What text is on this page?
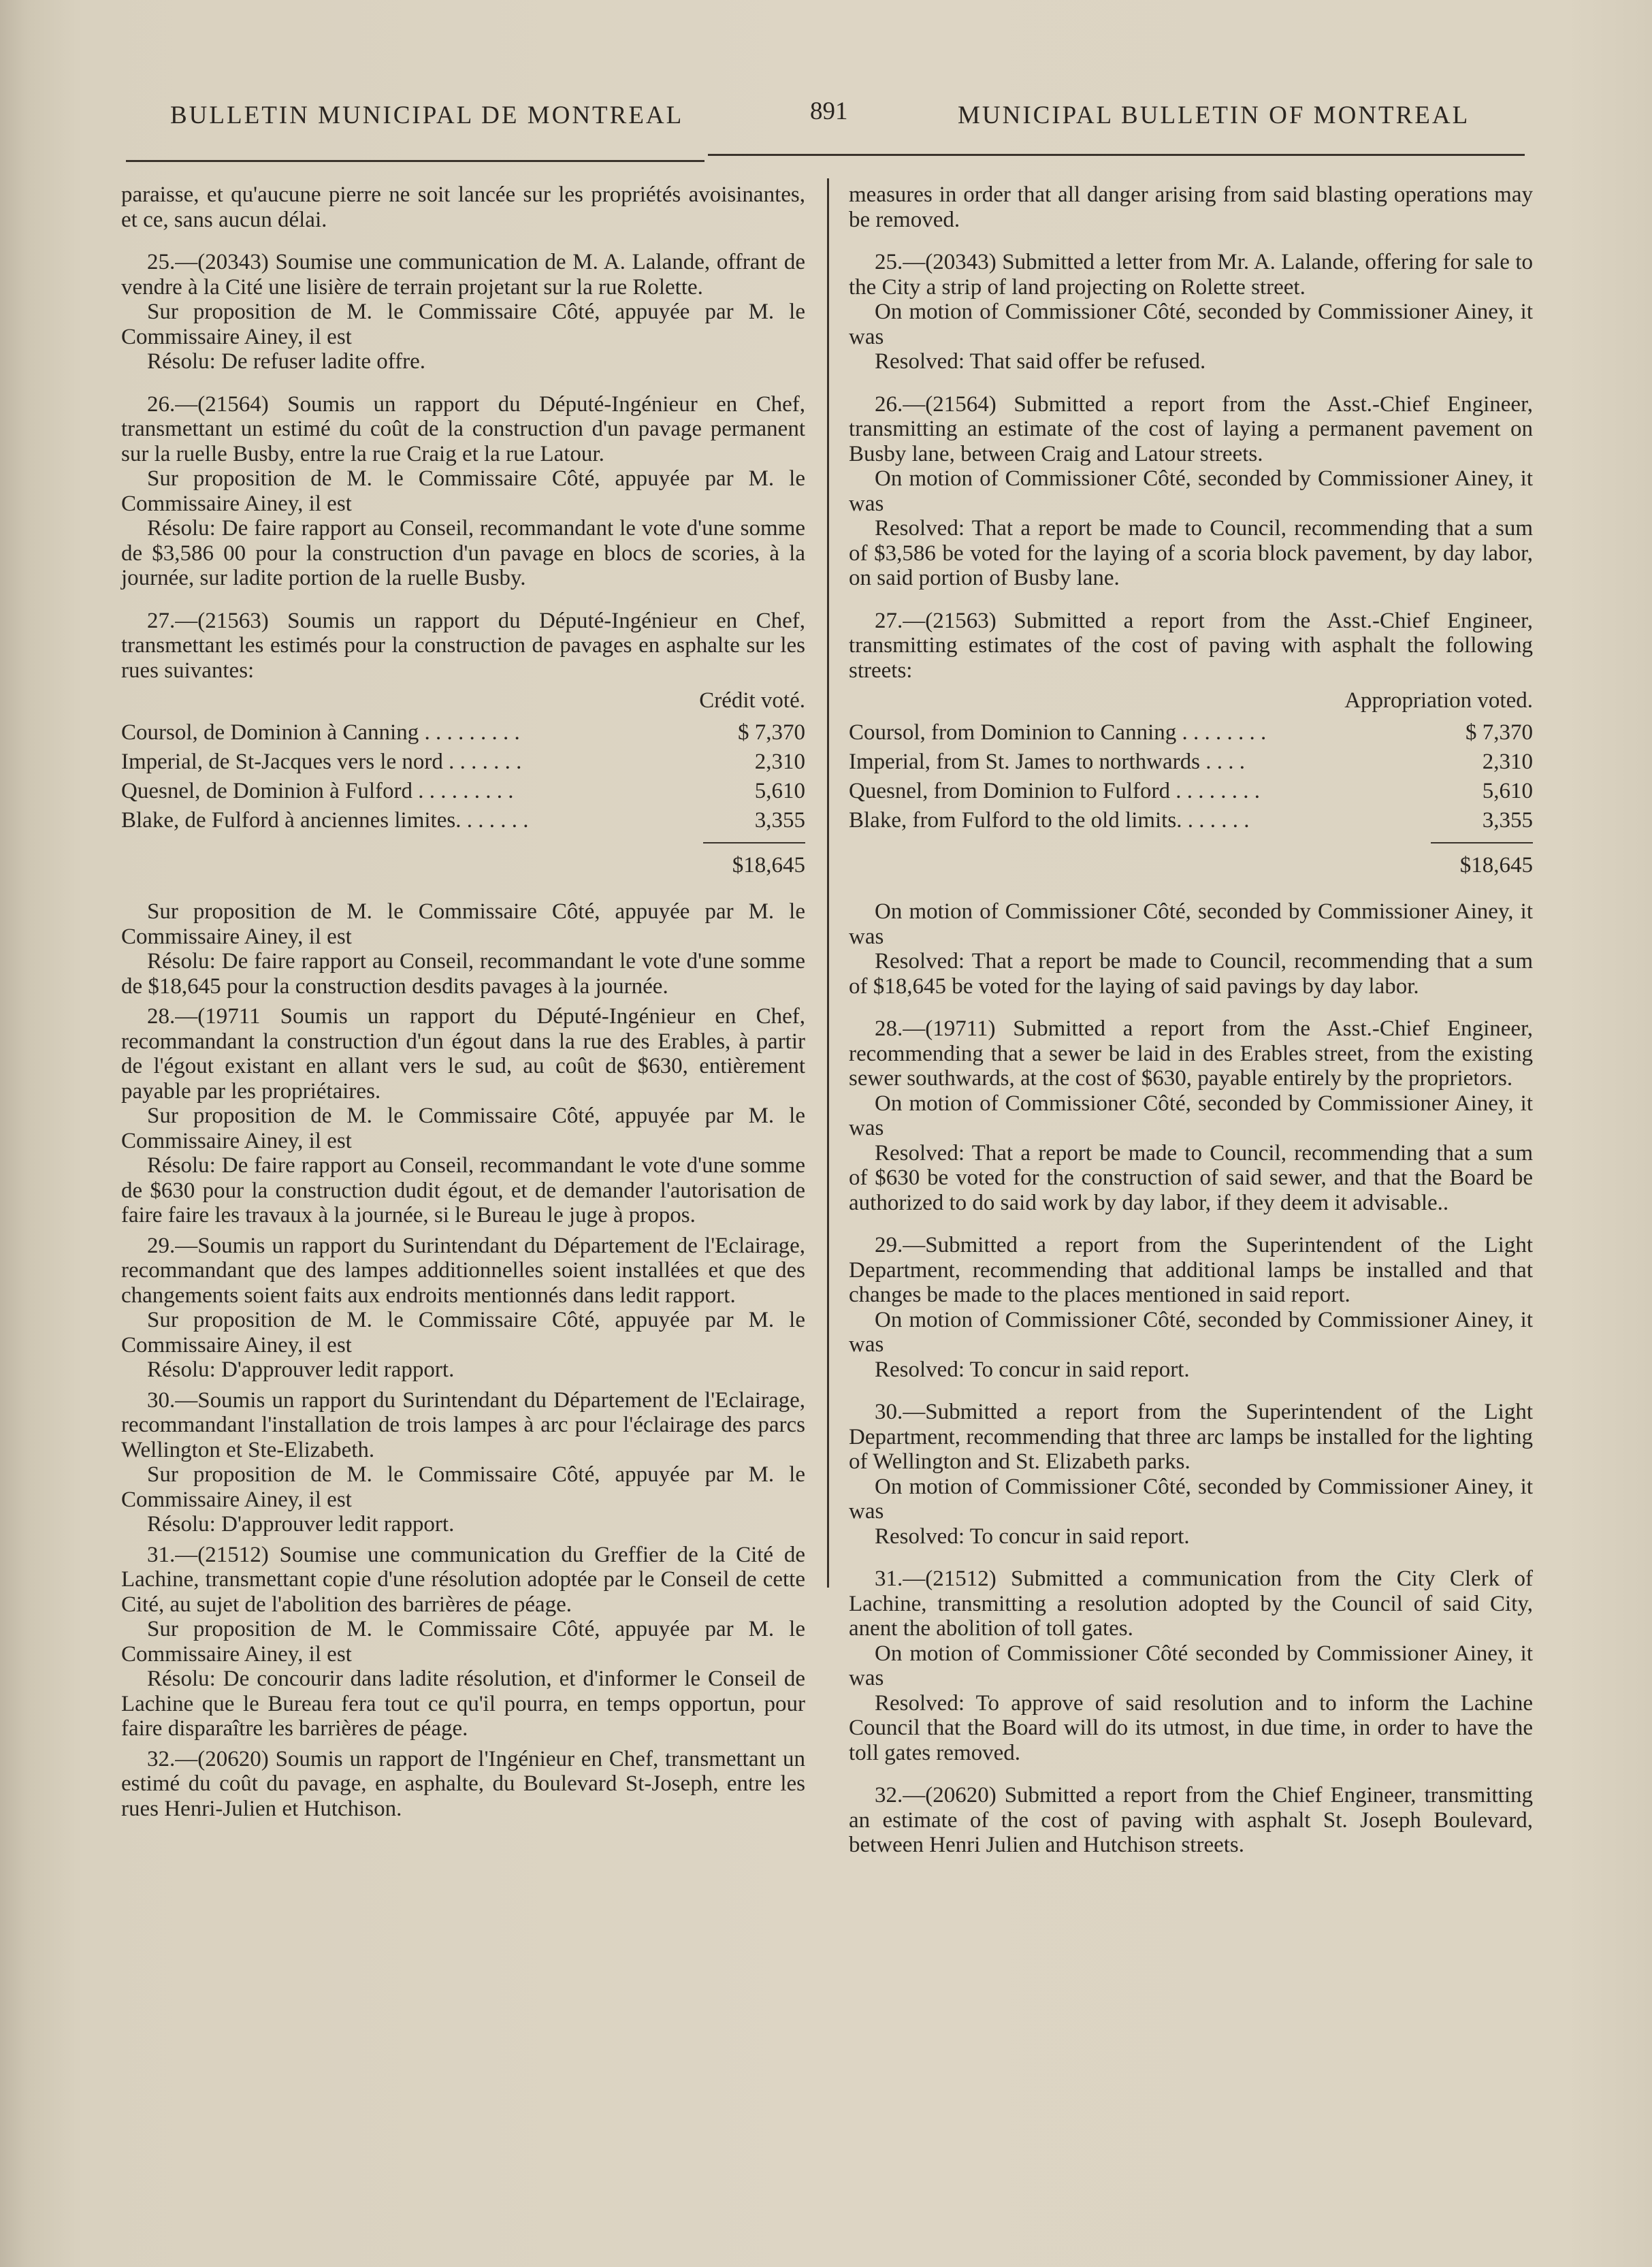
BULLETIN MUNICIPAL DE MONTREAL	891	MUNICIPAL BULLETIN OF MONTREAL

paraisse, et qu'aucune pierre ne soit lancée sur les propriétés avoisinantes, et ce, sans aucun délai.

25.—(20343) Soumise une communication de M. A. Lalande, offrant de vendre à la Cité une lisière de terrain projetant sur la rue Rolette.

Sur proposition de M. le Commissaire Côté, appuyée par M. le Commissaire Ainey, il est

Résolu: De refuser ladite offre.

26.—(21564) Soumis un rapport du Député-Ingénieur en Chef, transmettant un estimé du coût de la construction d'un pavage permanent sur la ruelle Busby, entre la rue Craig et la rue Latour.

Sur proposition de M. le Commissaire Côté, appuyée par M. le Commissaire Ainey, il est

Résolu: De faire rapport au Conseil, recommandant le vote d'une somme de $3,586 00 pour la construction d'un pavage en blocs de scories, à la journée, sur ladite portion de la ruelle Busby.

27.—(21563) Soumis un rapport du Député-Ingénieur en Chef, transmettant les estimés pour la construction de pavages en asphalte sur les rues suivantes:

Crédit voté.
Coursol, de Dominion à Canning . . . . . . . . .	$ 7,370
Imperial, de St-Jacques vers le nord . . . . . . .	2,310
Quesnel, de Dominion à Fulford . . . . . . . . .	5,610
Blake, de Fulford à anciennes limites. . . . . . .	3,355
$18,645

Sur proposition de M. le Commissaire Côté, appuyée par M. le Commissaire Ainey, il est

Résolu: De faire rapport au Conseil, recommandant le vote d'une somme de $18,645 pour la construction desdits pavages à la journée.

28.—(19711 Soumis un rapport du Député-Ingénieur en Chef, recommandant la construction d'un égout dans la rue des Erables, à partir de l'égout existant en allant vers le sud, au coût de $630, entièrement payable par les propriétaires.

Sur proposition de M. le Commissaire Côté, appuyée par M. le Commissaire Ainey, il est

Résolu: De faire rapport au Conseil, recommandant le vote d'une somme de $630 pour la construction dudit égout, et de demander l'autorisation de faire faire les travaux à la journée, si le Bureau le juge à propos.

29.—Soumis un rapport du Surintendant du Département de l'Eclairage, recommandant que des lampes additionnelles soient installées et que des changements soient faits aux endroits mentionnés dans ledit rapport.

Sur proposition de M. le Commissaire Côté, appuyée par M. le Commissaire Ainey, il est

Résolu: D'approuver ledit rapport.

30.—Soumis un rapport du Surintendant du Département de l'Eclairage, recommandant l'installation de trois lampes à arc pour l'éclairage des parcs Wellington et Ste-Elizabeth.

Sur proposition de M. le Commissaire Côté, appuyée par M. le Commissaire Ainey, il est

Résolu: D'approuver ledit rapport.

31.—(21512) Soumise une communication du Greffier de la Cité de Lachine, transmettant copie d'une résolution adoptée par le Conseil de cette Cité, au sujet de l'abolition des barrières de péage.

Sur proposition de M. le Commissaire Côté, appuyée par M. le Commissaire Ainey, il est

Résolu: De concourir dans ladite résolution, et d'informer le Conseil de Lachine que le Bureau fera tout ce qu'il pourra, en temps opportun, pour faire disparaître les barrières de péage.

32.—(20620) Soumis un rapport de l'Ingénieur en Chef, transmettant un estimé du coût du pavage, en asphalte, du Boulevard St-Joseph, entre les rues Henri-Julien et Hutchison.

measures in order that all danger arising from said blasting operations may be removed.

25.—(20343) Submitted a letter from Mr. A. Lalande, offering for sale to the City a strip of land projecting on Rolette street.

On motion of Commissioner Côté, seconded by Commissioner Ainey, it was

Resolved: That said offer be refused.

26.—(21564) Submitted a report from the Asst.-Chief Engineer, transmitting an estimate of the cost of laying a permanent pavement on Busby lane, between Craig and Latour streets.

On motion of Commissioner Côté, seconded by Commissioner Ainey, it was

Resolved: That a report be made to Council, recommending that a sum of $3,586 be voted for the laying of a scoria block pavement, by day labor, on said portion of Busby lane.

27.—(21563) Submitted a report from the Asst.-Chief Engineer, transmitting estimates of the cost of paving with asphalt the following streets:

Appropriation voted.
Coursol, from Dominion to Canning . . . . . . . .	$ 7,370
Imperial, from St. James to northwards . . . .	2,310
Quesnel, from Dominion to Fulford . . . . . . . .	5,610
Blake, from Fulford to the old limits. . . . . . .	3,355
$18,645

On motion of Commissioner Côté, seconded by Commissioner Ainey, it was

Resolved: That a report be made to Council, recommending that a sum of $18,645 be voted for the laying of said pavings by day labor.

28.—(19711) Submitted a report from the Asst.-Chief Engineer, recommending that a sewer be laid in des Erables street, from the existing sewer southwards, at the cost of $630, payable entirely by the proprietors.

On motion of Commissioner Côté, seconded by Commissioner Ainey, it was

Resolved: That a report be made to Council, recommending that a sum of $630 be voted for the construction of said sewer, and that the Board be authorized to do said work by day labor, if they deem it advisable..

29.—Submitted a report from the Superintendent of the Light Department, recommending that additional lamps be installed and that changes be made to the places mentioned in said report.

On motion of Commissioner Côté, seconded by Commissioner Ainey, it was

Resolved: To concur in said report.

30.—Submitted a report from the Superintendent of the Light Department, recommending that three arc lamps be installed for the lighting of Wellington and St. Elizabeth parks.

On motion of Commissioner Côté, seconded by Commissioner Ainey, it was

Resolved: To concur in said report.

31.—(21512) Submitted a communication from the City Clerk of Lachine, transmitting a resolution adopted by the Council of said City, anent the abolition of toll gates.

On motion of Commissioner Côté seconded by Commissioner Ainey, it was

Resolved: To approve of said resolution and to inform the Lachine Council that the Board will do its utmost, in due time, in order to have the toll gates removed.

32.—(20620) Submitted a report from the Chief Engineer, transmitting an estimate of the cost of paving with asphalt St. Joseph Boulevard, between Henri Julien and Hutchison streets.
